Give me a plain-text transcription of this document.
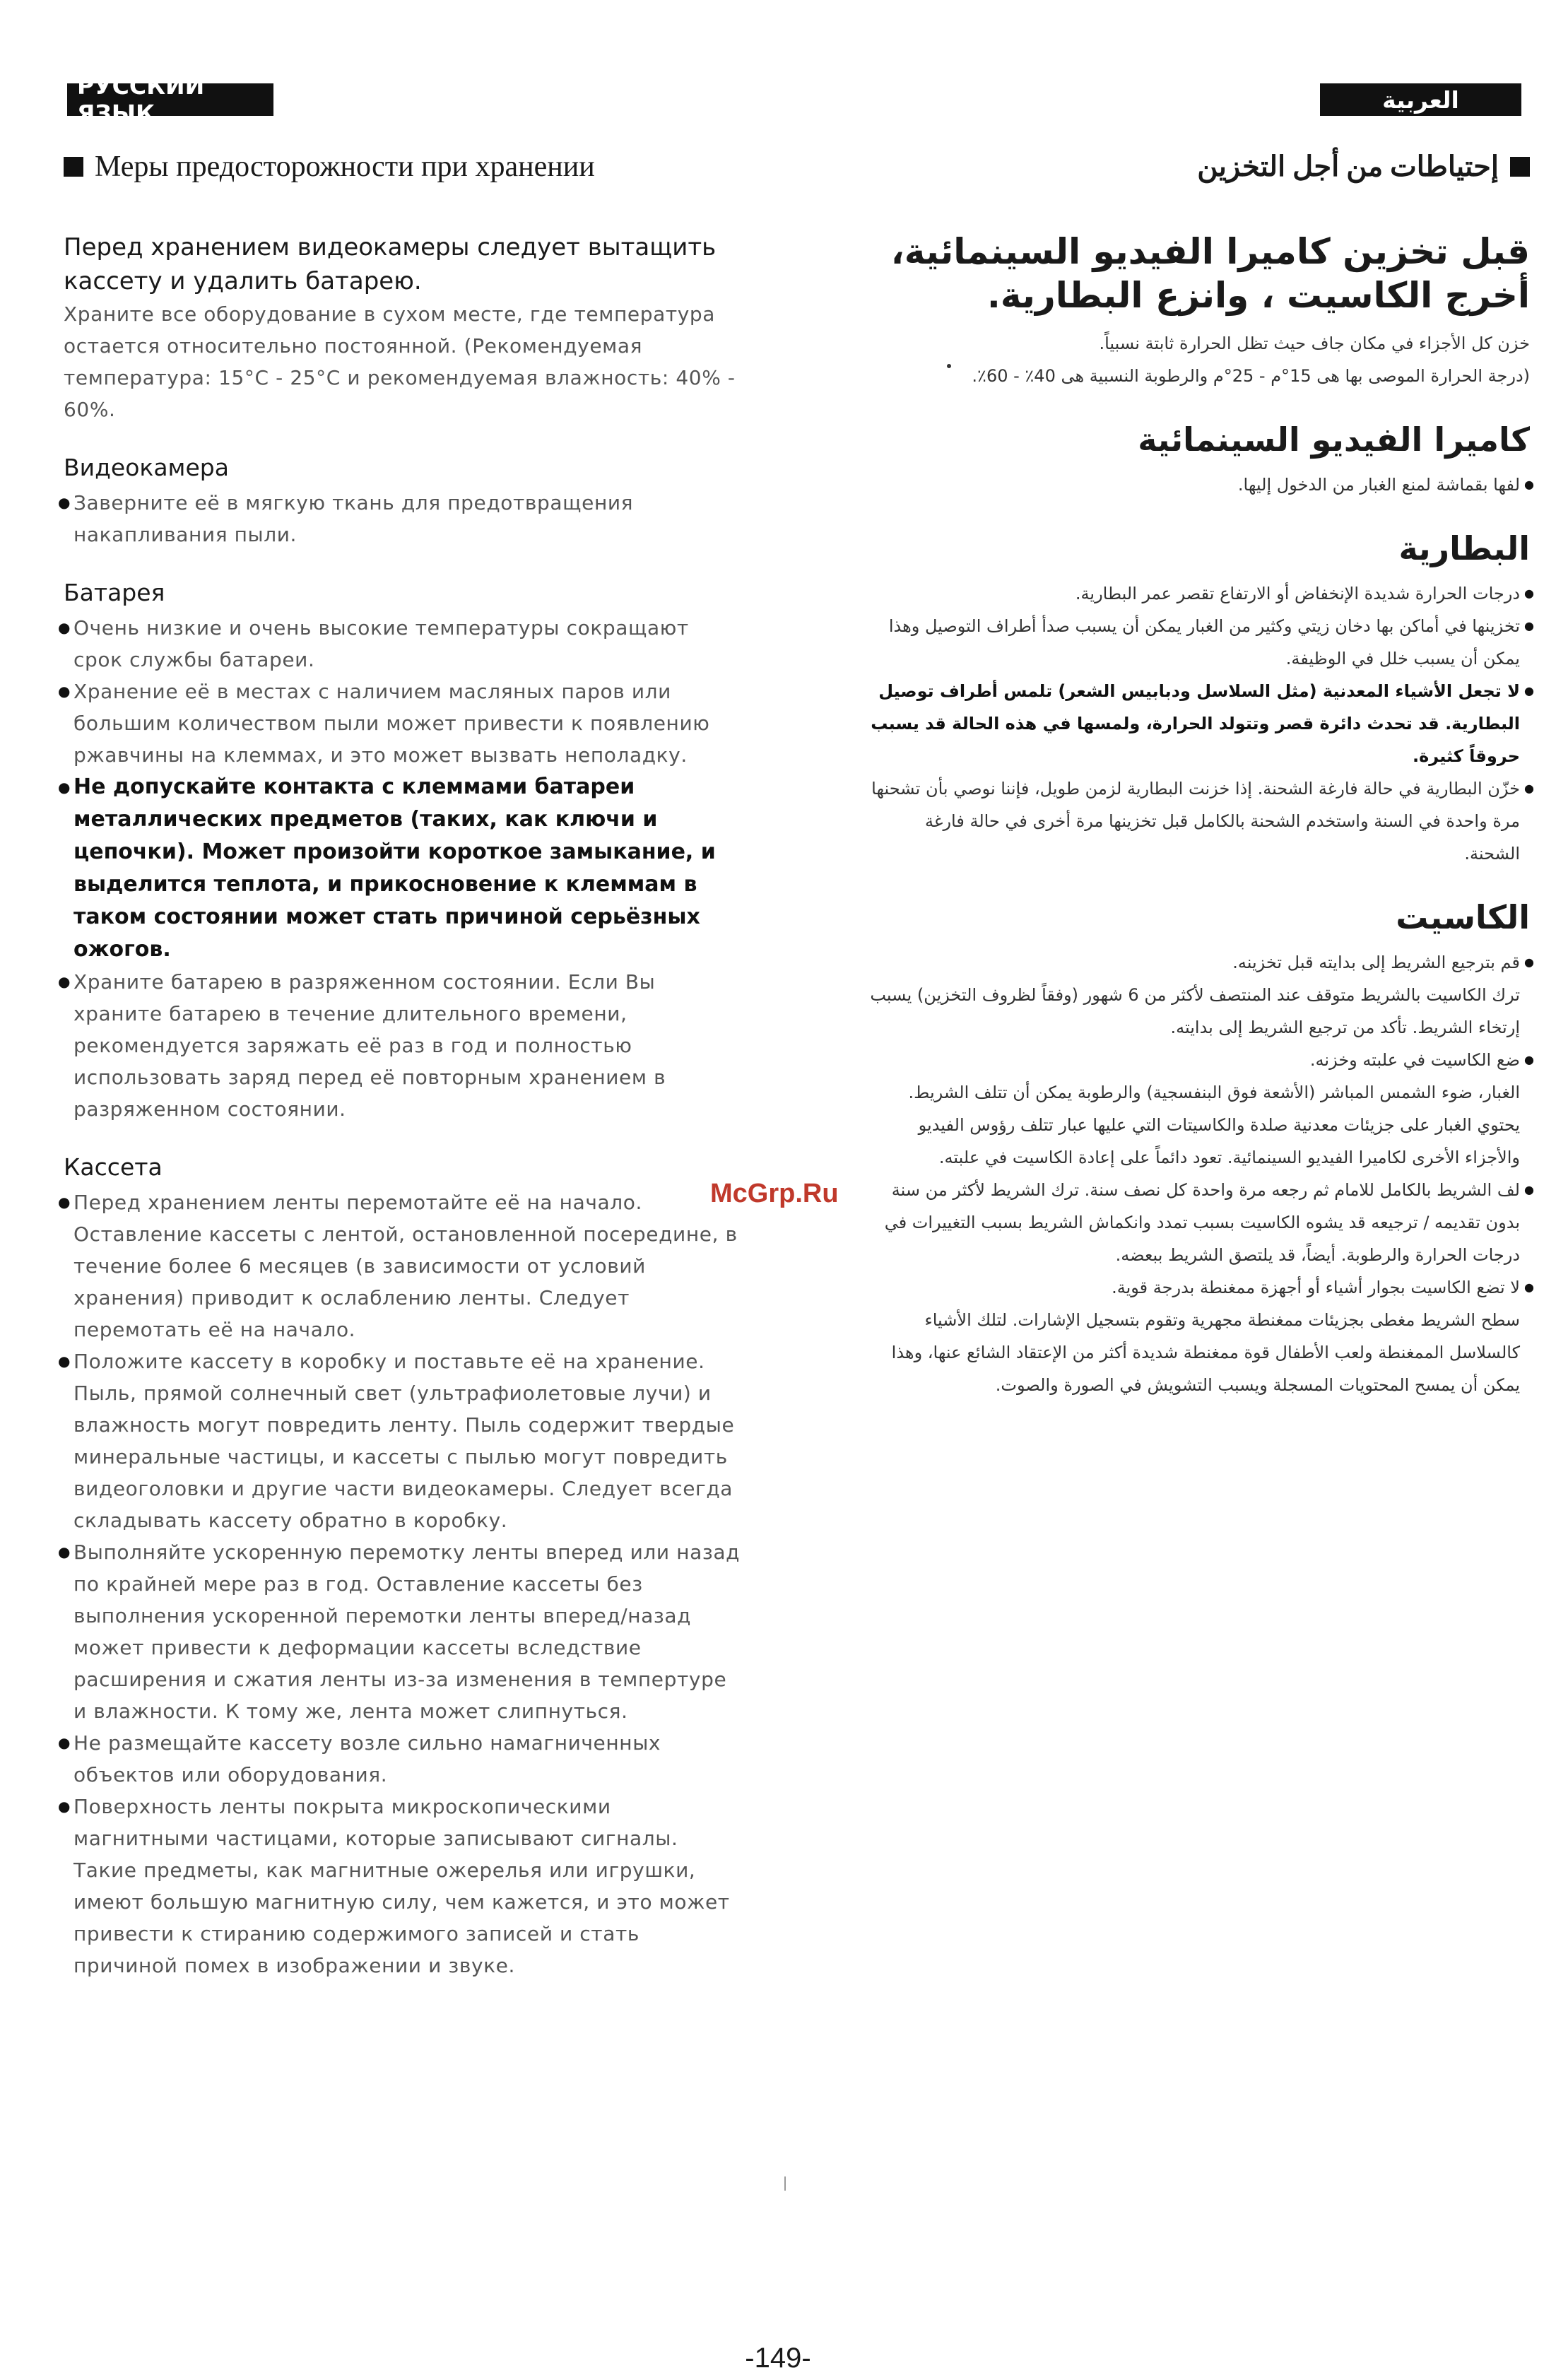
РУССКИЙ ЯЗЫК	العربية
Меры предосторожности при хранении

Перед хранением видеокамеры следует вытащить кассету и удалить батарею.

Храните все оборудование в сухом месте, где температура остается относительно постоянной. (Рекомендуемая температура: 15°C - 25°C и рекомендуемая влажность: 40% - 60%.

Видеокамера
● Заверните её в мягкую ткань для предотвращения накапливания пыли.
Батарея
● Очень низкие и очень высокие температуры сокращают срок службы батареи.
● Хранение её в местах с наличием масляных паров или большим количеством пыли может привести к появлению ржавчины на клеммах, и это может вызвать неполадку.
● Не допускайте контакта с клеммами батареи металлических предметов (таких, как ключи и цепочки). Может произойти короткое замыкание, и выделится теплота, и прикосновение к клеммам в таком состоянии может стать причиной серьёзных ожогов.
● Храните батарею в разряженном состоянии. Если Вы храните батарею в течение длительного времени, рекомендуется заряжать её раз в год и полностью использовать заряд перед её повторным хранением в разряженном состоянии.
Кассета
● Перед хранением ленты перемотайте её на начало. Оставление кассеты с лентой, остановленной посередине, в течение более 6 месяцев (в зависимости от условий хранения) приводит к ослаблению ленты. Следует перемотать её на начало.
● Положите кассету в коробку и поставьте её на хранение. Пыль, прямой солнечный свет (ультрафиолетовые лучи) и влажность могут повредить ленту. Пыль содержит твердые минеральные частицы, и кассеты с пылью могут повредить видеоголовки и другие части видеокамеры. Следует всегда складывать кассету обратно в коробку.
● Выполняйте ускоренную перемотку ленты вперед или назад по крайней мере раз в год. Оставление кассеты без выполнения ускоренной перемотки ленты вперед/назад может привести к деформации кассеты вследствие расширения и сжатия ленты из-за изменения в темпертуре и влажности. К тому же, лента может слипнуться.
● Не размещайте кассету возле сильно намагниченных объектов или оборудования.
● Поверхность ленты покрыта микроскопическими магнитными частицами, которые записывают сигналы. Такие предметы, как магнитные ожерелья или игрушки, имеют большую магнитную силу, чем кажется, и это может привести к стиранию содержимого записей и стать причиной помех в изображении и звуке.
إحتياطات من أجل التخزين

قبل تخزين كاميرا الفيديو السينمائية،
أخرج الكاسيت ، وانزع البطارية.

خزن كل الأجزاء في مكان جاف حيث تظل الحرارة ثابتة نسبياً.

(درجة الحرارة الموصى بها هى 15°م - 25°م والرطوبة النسبية هى 40٪ - 60٪.

كاميرا الفيديو السينمائية
● لفها بقماشة لمنع الغبار من الدخول إليها.
البطارية
● درجات الحرارة شديدة الإنخفاض أو الارتفاع تقصر عمر البطارية.
● تخزينها في أماكن بها دخان زيتي وكثير من الغبار يمكن أن يسبب صدأ أطراف التوصيل وهذا يمكن أن يسبب خلل في الوظيفة.
● لا تجعل الأشياء المعدنية (مثل السلاسل ودبابيس الشعر) تلمس أطراف توصيل البطارية. قد تحدث دائرة قصر وتتولد الحرارة، ولمسها في هذه الحالة قد يسبب حروقاً كثيرة.
● خزّن البطارية في حالة فارغة الشحنة. إذا خزنت البطارية لزمن طويل، فإننا نوصي بأن تشحنها مرة واحدة في السنة واستخدم الشحنة بالكامل قبل تخزينها مرة أخرى في حالة فارغة الشحنة.
الكاسيت
● قم بترجيع الشريط إلى بدايته قبل تخزينه.

ترك الكاسيت بالشريط متوقف عند المنتصف لأكثر من 6 شهور (وفقاً لظروف التخزين) يسبب إرتخاء الشريط. تأكد من ترجيع الشريط إلى بدايته.

● ضع الكاسيت في علبته وخزنه.

الغبار، ضوء الشمس المباشر (الأشعة فوق البنفسجية) والرطوبة يمكن أن تتلف الشريط. يحتوي الغبار على جزيئات معدنية صلدة والكاسيتات التي عليها عبار تتلف رؤوس الفيديو والأجزاء الأخرى لكاميرا الفيديو السينمائية. تعود دائماً على إعادة الكاسيت في علبته.

● لف الشريط بالكامل للامام ثم رجعه مرة واحدة كل نصف سنة. ترك الشريط لأكثر من سنة بدون تقديمه / ترجيعه قد يشوه الكاسيت بسبب تمدد وانكماش الشريط بسبب التغييرات في درجات الحرارة والرطوبة. أيضاً، قد يلتصق الشريط ببعضه.
● لا تضع الكاسيت بجوار أشياء أو أجهزة ممغنطة بدرجة قوية.

سطح الشريط مغطى بجزيئات ممغنطة مجهرية وتقوم بتسجيل الإشارات. لتلك الأشياء كالسلاسل الممغنطة ولعب الأطفال قوة ممغنطة شديدة أكثر من الإعتقاد الشائع عنها، وهذا يمكن أن يمسح المحتويات المسجلة ويسبب التشويش في الصورة والصوت.

McGrp.Ru
-149-
